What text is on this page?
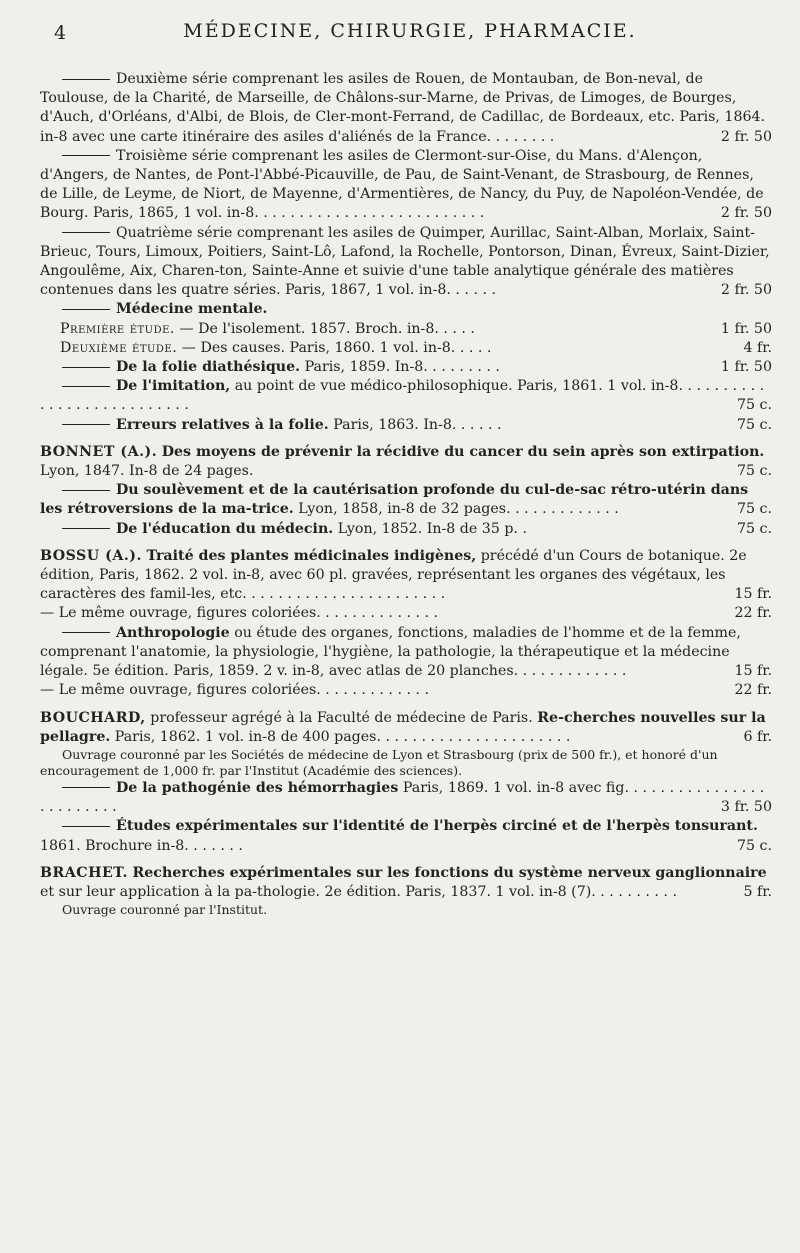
4	MÉDECINE, CHIRURGIE, PHARMACIE.

Deuxième série comprenant les asiles de Rouen, de Montauban, de Bon-neval, de Toulouse, de la Charité, de Marseille, de Châlons-sur-Marne, de Privas, de Limoges, de Bourges, d'Auch, d'Orléans, d'Albi, de Blois, de Cler-mont-Ferrand, de Cadillac, de Bordeaux, etc. Paris, 1864. in-8 avec une carte itinéraire des asiles d'aliénés de la France. . . . . . . .	2 fr. 50

Troisième série comprenant les asiles de Clermont-sur-Oise, du Mans. d'Alençon, d'Angers, de Nantes, de Pont-l'Abbé-Picauville, de Pau, de Saint-Venant, de Strasbourg, de Rennes, de Lille, de Leyme, de Niort, de Mayenne, d'Armentières, de Nancy, du Puy, de Napoléon-Vendée, de Bourg. Paris, 1865, 1 vol. in-8. . . . . . . . . . . . . . . . . . . . . . . . . .	2 fr. 50

Quatrième série comprenant les asiles de Quimper, Aurillac, Saint-Alban, Morlaix, Saint-Brieuc, Tours, Limoux, Poitiers, Saint-Lô, Lafond, la Rochelle, Pontorson, Dinan, Évreux, Saint-Dizier, Angoulême, Aix, Charen-ton, Sainte-Anne et suivie d'une table analytique générale des matières contenues dans les quatre séries. Paris, 1867, 1 vol. in-8. . . . . .	2 fr. 50

Médecine mentale.

Première étude. — De l'isolement. 1857. Broch. in-8. . . . .	1 fr. 50

Deuxième étude. — Des causes. Paris, 1860. 1 vol. in-8. . . . .	4 fr.

De la folie diathésique. Paris, 1859. In-8. . . . . . . . .	1 fr. 50

De l'imitation, au point de vue médico-philosophique. Paris, 1861. 1 vol. in-8. . . . . . . . . . . . . . . . . . . . . . . . . . .	75 c.

Erreurs relatives à la folie. Paris, 1863. In-8. . . . . .	75 c.

BONNET (A.). Des moyens de prévenir la récidive du cancer du sein après son extirpation. Lyon, 1847. In-8 de 24 pages.	75 c.

Du soulèvement et de la cautérisation profonde du cul-de-sac rétro-utérin dans les rétroversions de la ma-trice. Lyon, 1858, in-8 de 32 pages. . . . . . . . . . . . .	75 c.

De l'éducation du médecin. Lyon, 1852. In-8 de 35 p. .	75 c.

BOSSU (A.). Traité des plantes médicinales indigènes, précédé d'un Cours de botanique. 2e édition, Paris, 1862. 2 vol. in-8, avec 60 pl. gravées, représentant les organes des végétaux, les caractères des famil-les, etc. . . . . . . . . . . . . . . . . . . . . . .	15 fr.

— Le même ouvrage, figures coloriées. . . . . . . . . . . . . .	22 fr.

Anthropologie ou étude des organes, fonctions, maladies de l'homme et de la femme, comprenant l'anatomie, la physiologie, l'hygiène, la pathologie, la thérapeutique et la médecine légale. 5e édition. Paris, 1859. 2 v. in-8, avec atlas de 20 planches. . . . . . . . . . . . .	15 fr.

— Le même ouvrage, figures coloriées. . . . . . . . . . . . .	22 fr.

BOUCHARD, professeur agrégé à la Faculté de médecine de Paris. Re-cherches nouvelles sur la pellagre. Paris, 1862. 1 vol. in-8 de 400 pages. . . . . . . . . . . . . . . . . . . . . .	6 fr.

Ouvrage couronné par les Sociétés de médecine de Lyon et Strasbourg (prix de 500 fr.), et honoré d'un encouragement de 1,000 fr. par l'Institut (Académie des sciences).

De la pathogénie des hémorrhagies Paris, 1869. 1 vol. in-8 avec fig. . . . . . . . . . . . . . . . . . . . . . . . .	3 fr. 50

Études expérimentales sur l'identité de l'herpès circiné et de l'herpès tonsurant. 1861. Brochure in-8. . . . . . .	75 c.

BRACHET. Recherches expérimentales sur les fonctions du système nerveux ganglionnaire et sur leur application à la pa-thologie. 2e édition. Paris, 1837. 1 vol. in-8 (7). . . . . . . . . .	5 fr.

Ouvrage couronné par l'Institut.
